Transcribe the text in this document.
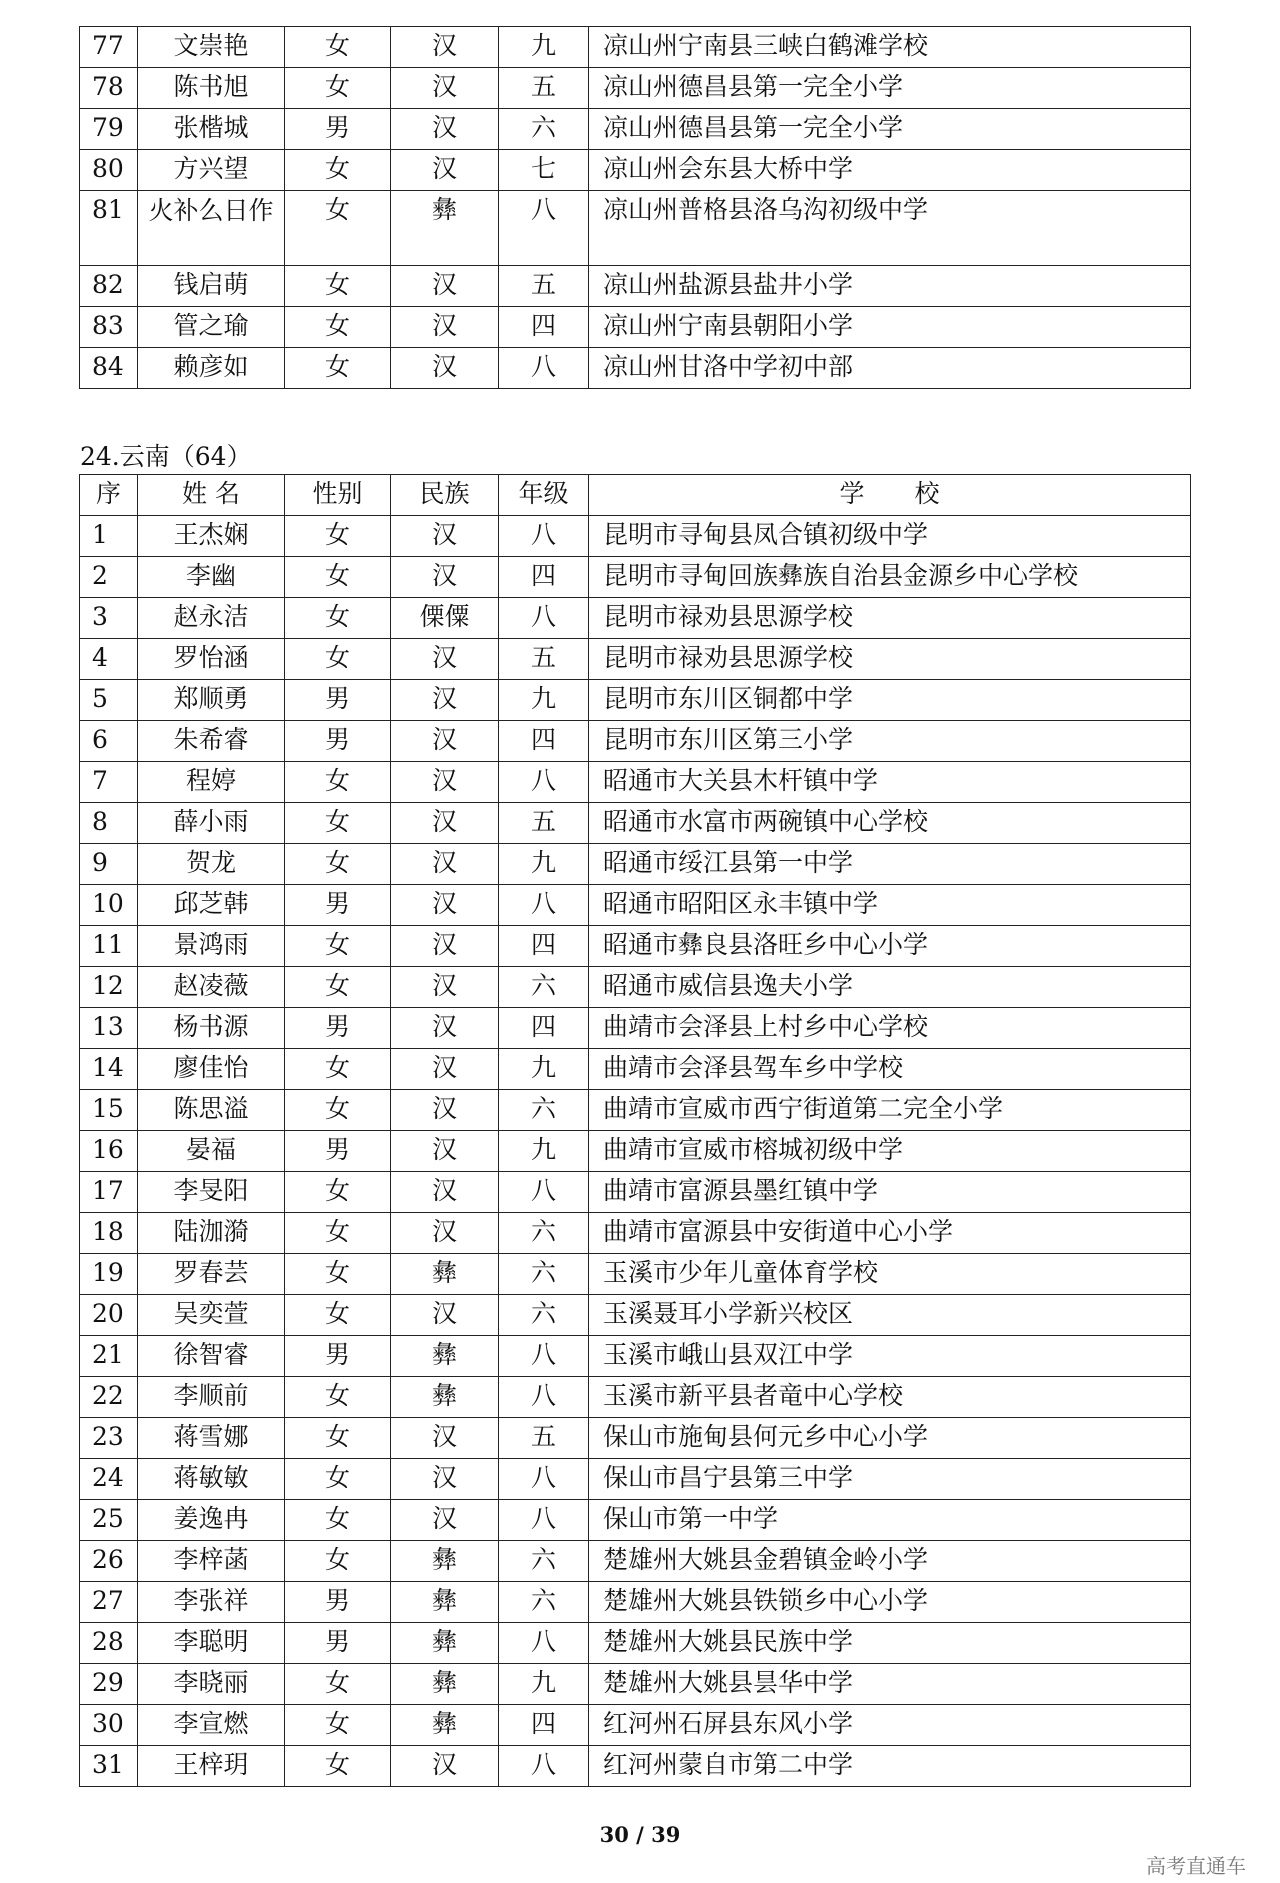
77	文崇艳	女	汉	九	凉山州宁南县三峡白鹤滩学校
78	陈书旭	女	汉	五	凉山州德昌县第一完全小学
79	张楷城	男	汉	六	凉山州德昌县第一完全小学
80	方兴望	女	汉	七	凉山州会东县大桥中学
81	火补么日作	女	彝	八	凉山州普格县洛乌沟初级中学
82	钱启萌	女	汉	五	凉山州盐源县盐井小学
83	管之瑜	女	汉	四	凉山州宁南县朝阳小学
84	赖彦如	女	汉	八	凉山州甘洛中学初中部
24.云南（64）
序	姓 名	性别	民族	年级	学　　校
1	王杰娴	女	汉	八	昆明市寻甸县凤合镇初级中学
2	李幽	女	汉	四	昆明市寻甸回族彝族自治县金源乡中心学校
3	赵永洁	女	傈僳	八	昆明市禄劝县思源学校
4	罗怡涵	女	汉	五	昆明市禄劝县思源学校
5	郑顺勇	男	汉	九	昆明市东川区铜都中学
6	朱希睿	男	汉	四	昆明市东川区第三小学
7	程婷	女	汉	八	昭通市大关县木杆镇中学
8	薛小雨	女	汉	五	昭通市水富市两碗镇中心学校
9	贺龙	女	汉	九	昭通市绥江县第一中学
10	邱芝韩	男	汉	八	昭通市昭阳区永丰镇中学
11	景鸿雨	女	汉	四	昭通市彝良县洛旺乡中心小学
12	赵凌薇	女	汉	六	昭通市威信县逸夫小学
13	杨书源	男	汉	四	曲靖市会泽县上村乡中心学校
14	廖佳怡	女	汉	九	曲靖市会泽县驾车乡中学校
15	陈思溢	女	汉	六	曲靖市宣威市西宁街道第二完全小学
16	晏福	男	汉	九	曲靖市宣威市榕城初级中学
17	李旻阳	女	汉	八	曲靖市富源县墨红镇中学
18	陆泇漪	女	汉	六	曲靖市富源县中安街道中心小学
19	罗春芸	女	彝	六	玉溪市少年儿童体育学校
20	吴奕萱	女	汉	六	玉溪聂耳小学新兴校区
21	徐智睿	男	彝	八	玉溪市峨山县双江中学
22	李顺前	女	彝	八	玉溪市新平县者竜中心学校
23	蒋雪娜	女	汉	五	保山市施甸县何元乡中心小学
24	蒋敏敏	女	汉	八	保山市昌宁县第三中学
25	姜逸冉	女	汉	八	保山市第一中学
26	李梓菡	女	彝	六	楚雄州大姚县金碧镇金岭小学
27	李张祥	男	彝	六	楚雄州大姚县铁锁乡中心小学
28	李聪明	男	彝	八	楚雄州大姚县民族中学
29	李晓丽	女	彝	九	楚雄州大姚县昙华中学
30	李宣燃	女	彝	四	红河州石屏县东风小学
31	王梓玥	女	汉	八	红河州蒙自市第二中学
30 / 39
高考直通车
